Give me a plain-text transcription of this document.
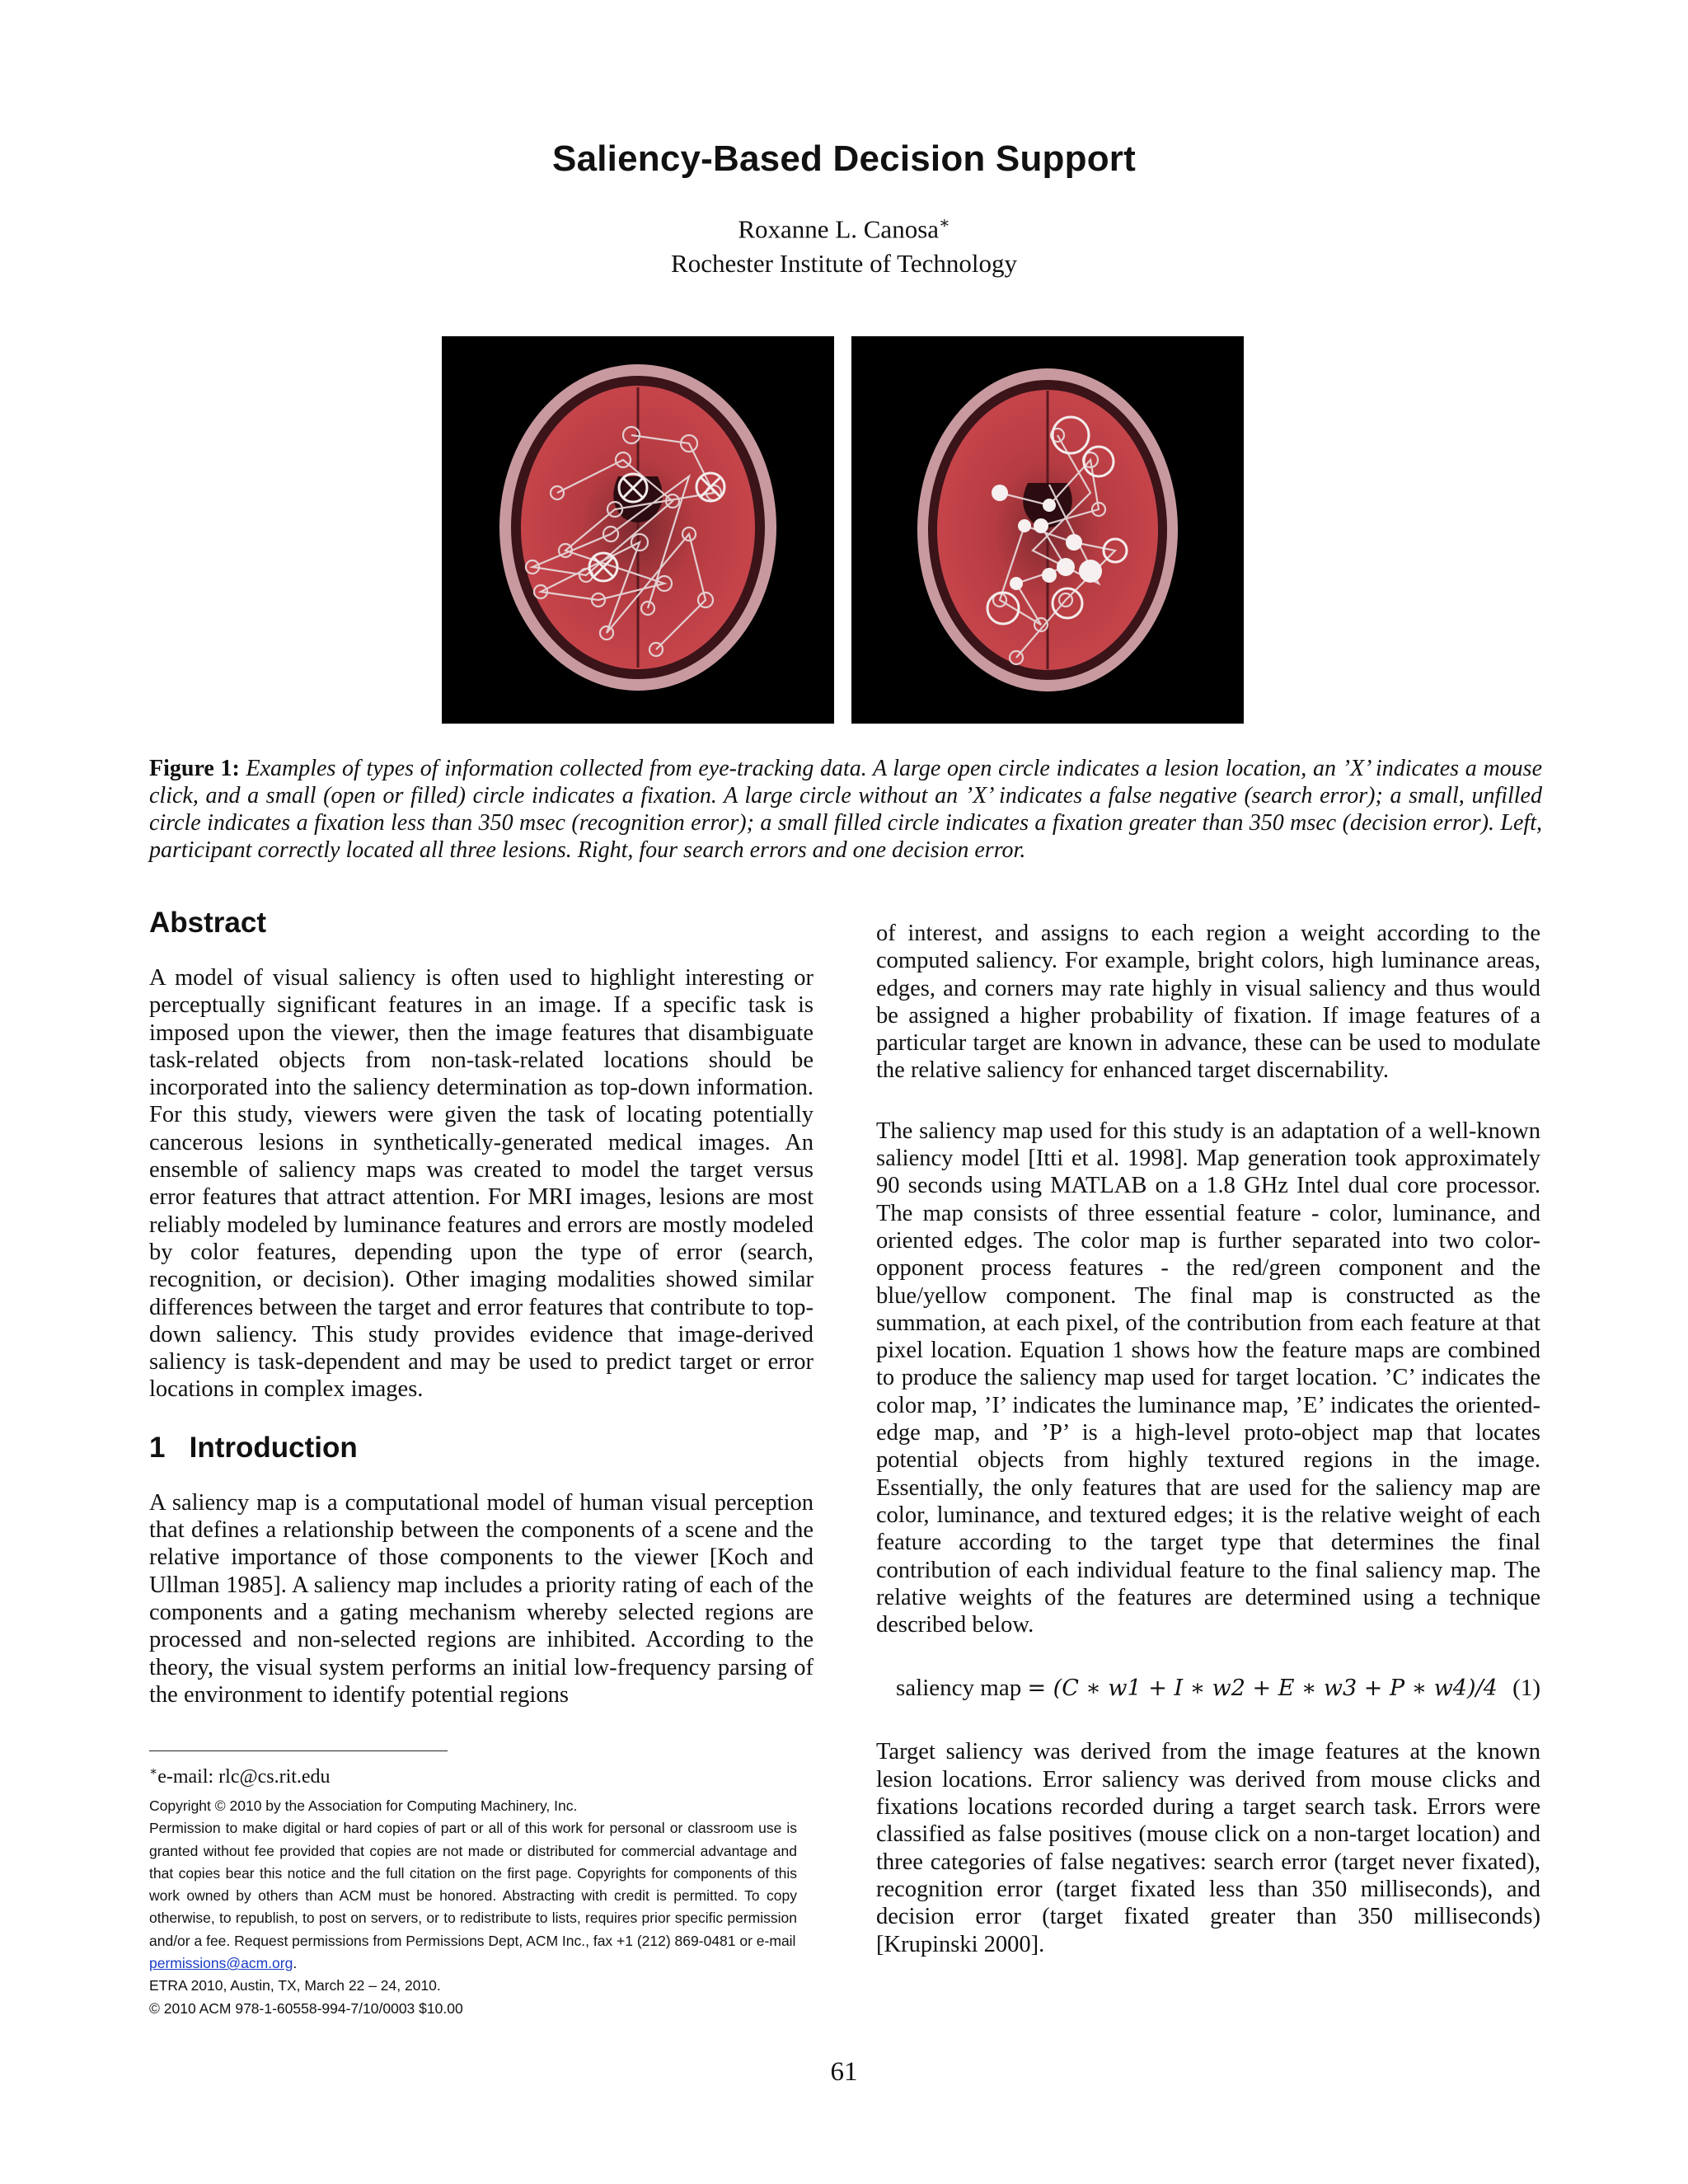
Saliency-Based Decision Support
Roxanne L. Canosa∗
Rochester Institute of Technology
Figure 1: Examples of types of information collected from eye-tracking data. A large open circle indicates a lesion location, an ’X’ indicates a mouse click, and a small (open or filled) circle indicates a fixation. A large circle without an ’X’ indicates a false negative (search error); a small, unfilled circle indicates a fixation less than 350 msec (recognition error); a small filled circle indicates a fixation greater than 350 msec (decision error). Left, participant correctly located all three lesions. Right, four search errors and one decision error.
Abstract
A model of visual saliency is often used to highlight interesting or perceptually significant features in an image. If a specific task is imposed upon the viewer, then the image features that disambiguate task-related objects from non-task-related locations should be incorporated into the saliency determination as top-down information. For this study, viewers were given the task of locating potentially cancerous lesions in synthetically-generated medical images. An ensemble of saliency maps was created to model the target versus error features that attract attention. For MRI images, lesions are most reliably modeled by luminance features and errors are mostly modeled by color features, depending upon the type of error (search, recognition, or decision). Other imaging modalities showed similar differences between the target and error features that contribute to top-down saliency. This study provides evidence that image-derived saliency is task-dependent and may be used to predict target or error locations in complex images.
1   Introduction
A saliency map is a computational model of human visual perception that defines a relationship between the components of a scene and the relative importance of those components to the viewer [Koch and Ullman 1985]. A saliency map includes a priority rating of each of the components and a gating mechanism whereby selected regions are processed and non-selected regions are inhibited. According to the theory, the visual system performs an initial low-frequency parsing of the environment to identify potential regions
of interest, and assigns to each region a weight according to the computed saliency. For example, bright colors, high luminance areas, edges, and corners may rate highly in visual saliency and thus would be assigned a higher probability of fixation. If image features of a particular target are known in advance, these can be used to modulate the relative saliency for enhanced target discernability.
The saliency map used for this study is an adaptation of a well-known saliency model [Itti et al. 1998]. Map generation took approximately 90 seconds using MATLAB on a 1.8 GHz Intel dual core processor. The map consists of three essential feature - color, luminance, and oriented edges. The color map is further separated into two color-opponent process features - the red/green component and the blue/yellow component. The final map is constructed as the summation, at each pixel, of the contribution from each feature at that pixel location. Equation 1 shows how the feature maps are combined to produce the saliency map used for target location. ’C’ indicates the color map, ’I’ indicates the luminance map, ’E’ indicates the oriented-edge map, and ’P’ is a high-level proto-object map that locates potential objects from highly textured regions in the image. Essentially, the only features that are used for the saliency map are color, luminance, and textured edges; it is the relative weight of each feature according to the target type that determines the final contribution of each individual feature to the final saliency map. The relative weights of the features are determined using a technique described below.
saliency map = (C ∗ w1 + I ∗ w2 + E ∗ w3 + P ∗ w4)/4 (1)
Target saliency was derived from the image features at the known lesion locations. Error saliency was derived from mouse clicks and fixations locations recorded during a target search task. Errors were classified as false positives (mouse click on a non-target location) and three categories of false negatives: search error (target never fixated), recognition error (target fixated less than 350 milliseconds), and decision error (target fixated greater than 350 milliseconds) [Krupinski 2000].
∗e-mail: rlc@cs.rit.edu
Copyright © 2010 by the Association for Computing Machinery, Inc.
Permission to make digital or hard copies of part or all of this work for personal or classroom use is granted without fee provided that copies are not made or distributed for commercial advantage and that copies bear this notice and the full citation on the first page. Copyrights for components of this work owned by others than ACM must be honored. Abstracting with credit is permitted. To copy otherwise, to republish, to post on servers, or to redistribute to lists, requires prior specific permission and/or a fee. Request permissions from Permissions Dept, ACM Inc., fax +1 (212) 869-0481 or e-mail
permissions@acm.org.
ETRA 2010, Austin, TX, March 22 – 24, 2010.
© 2010 ACM 978-1-60558-994-7/10/0003 $10.00
61
